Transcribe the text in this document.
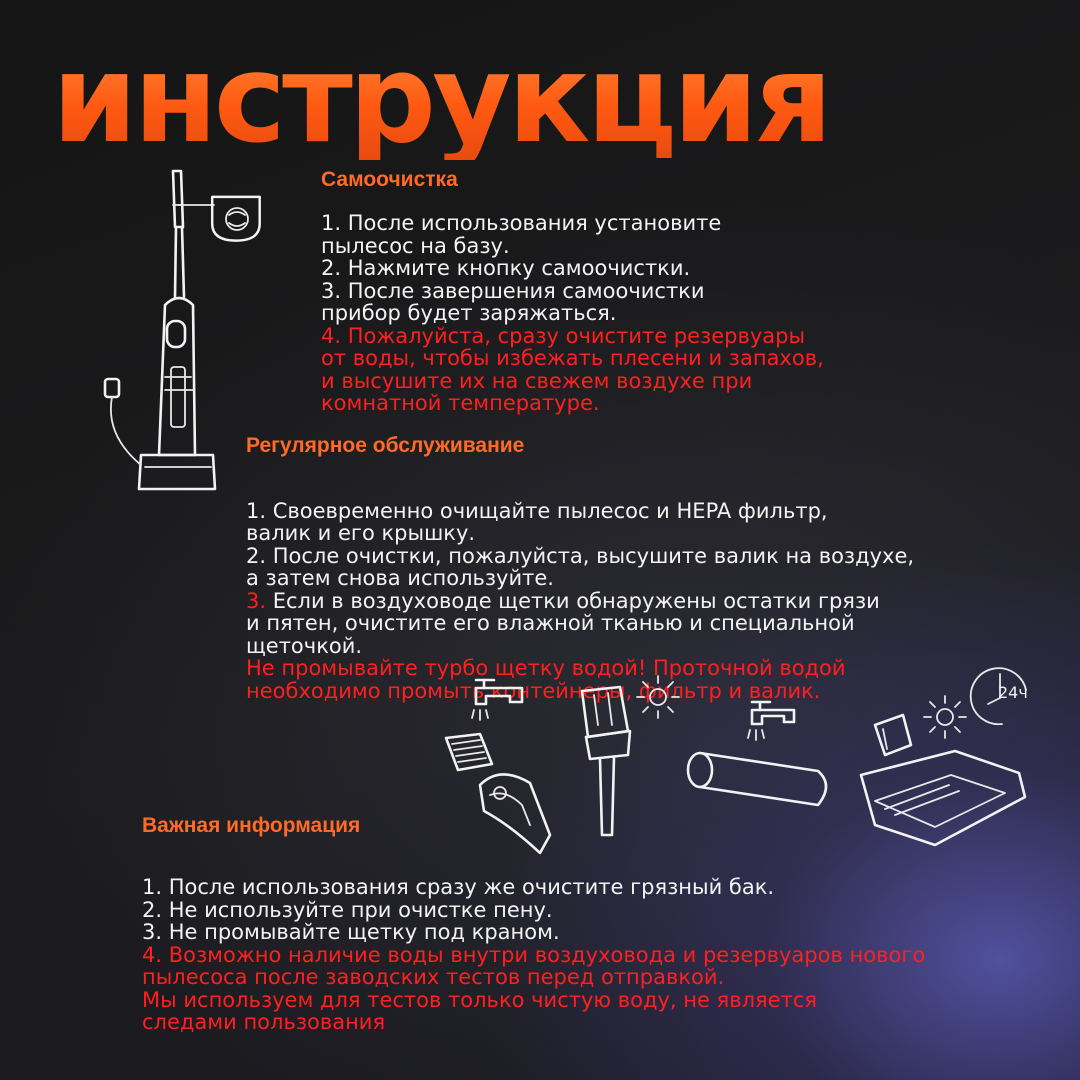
инструкция
Самоочистка
1. После использования установите
пылесос на базу.
2. Нажмите кнопку самоочистки.
3. После завершения самоочистки
прибор будет заряжаться.
4. Пожалуйста, сразу очистите резервуары
от воды, чтобы избежать плесени и запахов,
и высушите их на свежем воздухе при
комнатной температуре.
Регулярное обслуживание

1. Своевременно очищайте пылесос и HEPA фильтр,
валик и его крышку.
2. После очистки, пожалуйста, высушите валик на воздухе,
а затем снова используйте.
3. Если в воздуховоде щетки обнаружены остатки грязи
и пятен, очистите его влажной тканью и специальной
щеточкой.
Не промывайте турбо щетку водой! Проточной водой
необходимо промыть контейнеры, фильтр и валик.	24ч
Важная информация
1. После использования сразу же очистите грязный бак.
2. Не используйте при очистке пену.
3. Не промывайте щетку под краном.
4. Возможно наличие воды внутри воздуховода и резервуаров нового
пылесоса после заводских тестов перед отправкой.
Мы используем для тестов только чистую воду, не является
следами пользования
